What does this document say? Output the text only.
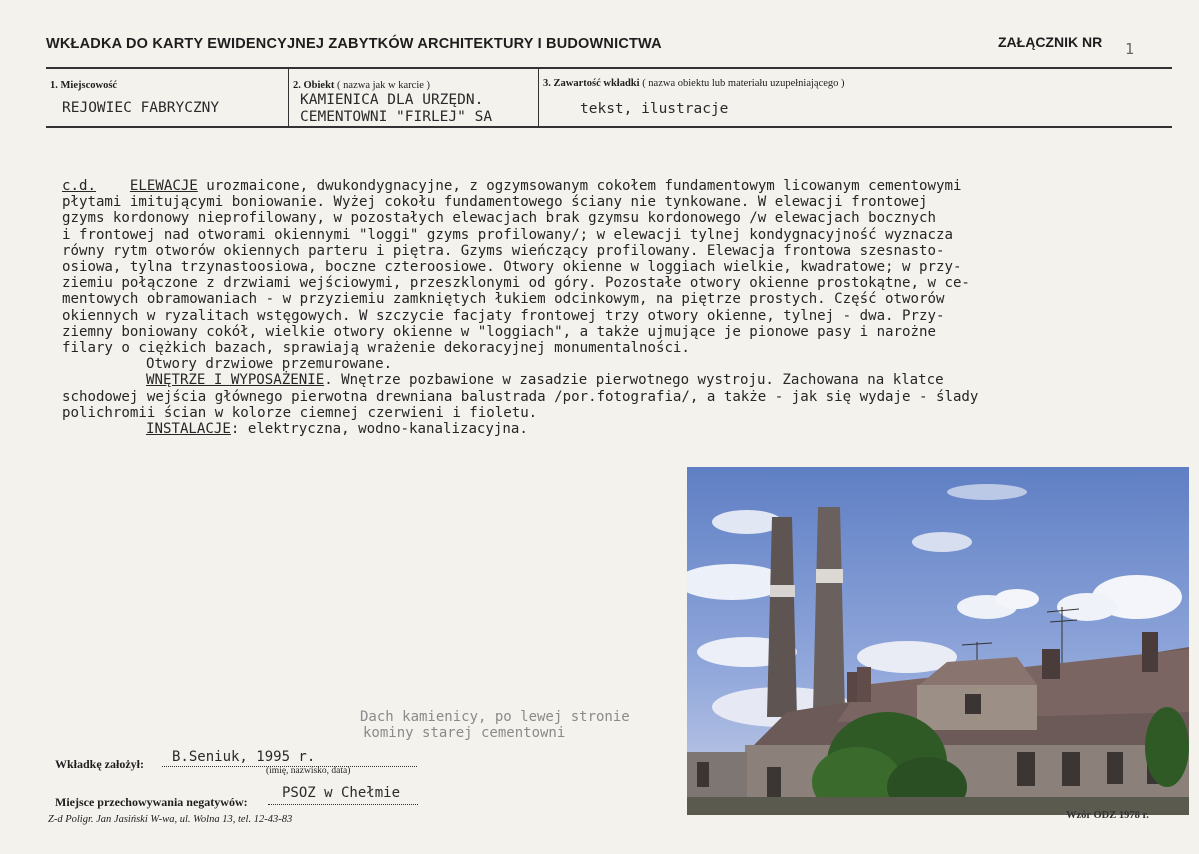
WKŁADKA DO KARTY EWIDENCYJNEJ ZABYTKÓW ARCHITEKTURY I BUDOWNICTWA	ZAŁĄCZNIK NR 1
1. Miejscowość
REJOWIEC FABRYCZNY
2. Obiekt ( nazwa jak w karcie )
KAMIENICA DLA URZĘDN.
CEMENTOWNI "FIRLEJ" SA
3. Zawartość wkładki ( nazwa obiektu lub materiału uzupełniającego )
tekst, ilustracje

c.d. ELEWACJE urozmaicone, dwukondygnacyjne, z ogzymsowanym cokołem fundamentowym licowanym cementowymi

płytami imitującymi boniowanie. Wyżej cokołu fundamentowego ściany nie tynkowane. W elewacji frontowej

gzyms kordonowy nieprofilowany, w pozostałych elewacjach brak gzymsu kordonowego /w elewacjach bocznych

i frontowej nad otworami okiennymi "loggi" gzyms profilowany/; w elewacji tylnej kondygnacyjność wyznacza

równy rytm otworów okiennych parteru i piętra. Gzyms wieńczący profilowany. Elewacja frontowa szesnasto-

osiowa, tylna trzynastoosiowa, boczne czteroosiowe. Otwory okienne w loggiach wielkie, kwadratowe; w przy-

ziemiu połączone z drzwiami wejściowymi, przeszklonymi od góry. Pozostałe otwory okienne prostokątne, w ce-

mentowych obramowaniach - w przyziemiu zamkniętych łukiem odcinkowym, na piętrze prostych. Część otworów

okiennych w ryzalitach wstęgowych. W szczycie facjaty frontowej trzy otwory okienne, tylnej - dwa. Przy-

ziemny boniowany cokół, wielkie otwory okienne w "loggiach", a także ujmujące je pionowe pasy i narożne

filary o ciężkich bazach, sprawiają wrażenie dekoracyjnej monumentalności.

Otwory drzwiowe przemurowane.

WNĘTRZE I WYPOSAŻENIE. Wnętrze pozbawione w zasadzie pierwotnego wystroju. Zachowana na klatce

schodowej wejścia głównego pierwotna drewniana balustrada /por.fotografia/, a także - jak się wydaje - ślady

polichromii ścian w kolorze ciemnej czerwieni i fioletu.

INSTALACJE: elektryczna, wodno-kanalizacyjna.

Dach kamienicy, po lewej stronie
kominy starej cementowni
Wkładkę założył: B.Seniuk, 1995 r.
(imię, nazwisko, data)
Miejsce przechowywania negatywów:
PSOZ w Chełmie
Z-d Poligr. Jan Jasiński W-wa, ul. Wolna 13, tel. 12-43-83	Wzór ODZ 1978 r.
